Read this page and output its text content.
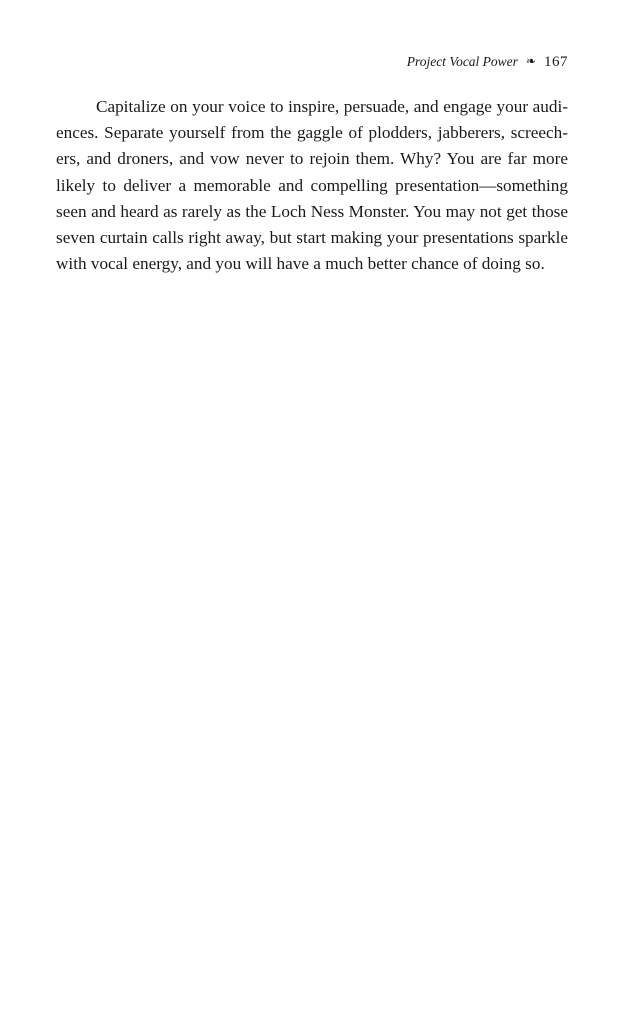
Project Vocal Power ❧ 167
Capitalize on your voice to inspire, persuade, and engage your audi-
ences. Separate yourself from the gaggle of plodders, jabberers, screech-
ers, and droners, and vow never to rejoin them. Why? You are far more
likely to deliver a memorable and compelling presentation—something
seen and heard as rarely as the Loch Ness Monster. You may not get those
seven curtain calls right away, but start making your presentations sparkle
with vocal energy, and you will have a much better chance of doing so.
